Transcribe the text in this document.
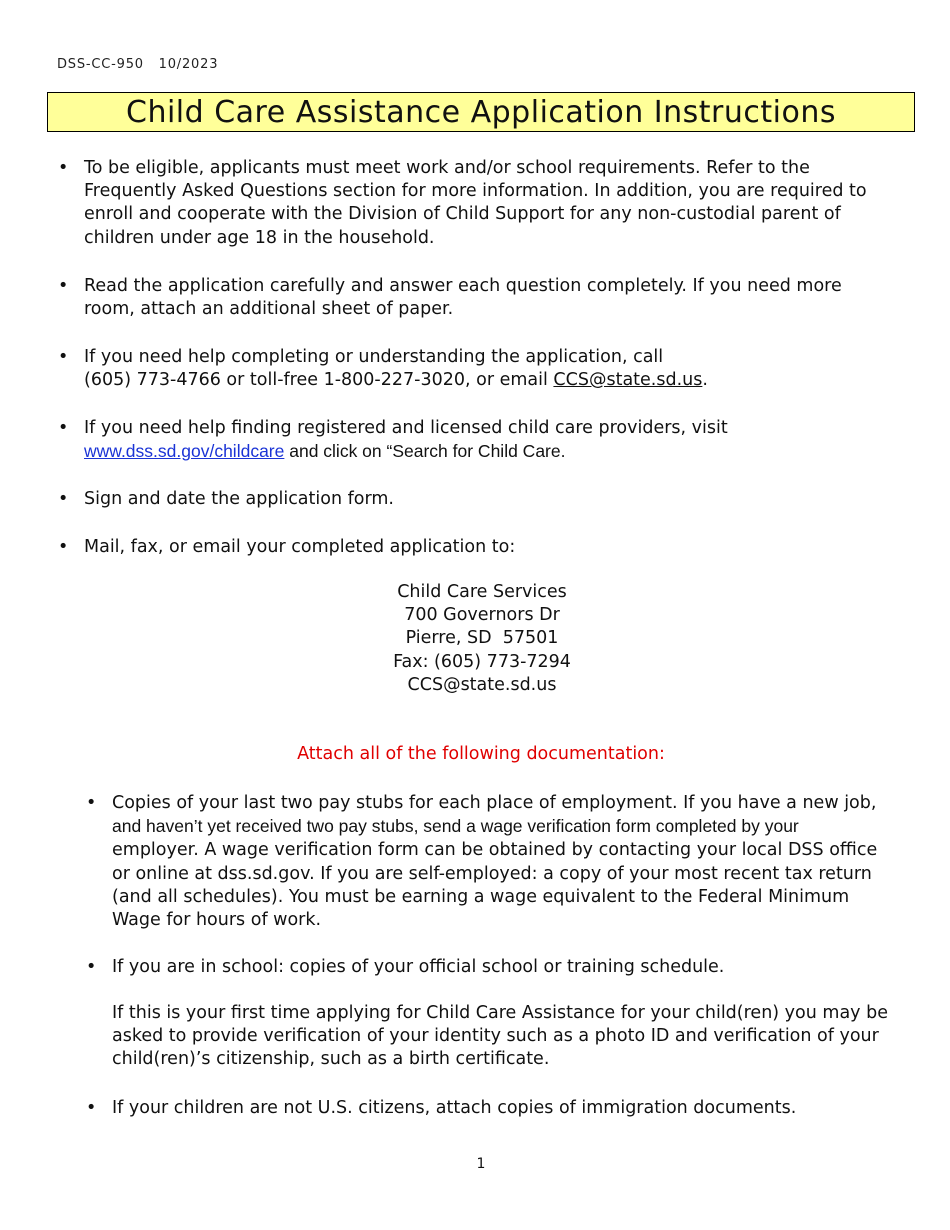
DSS-CC-950   10/2023
Child Care Assistance Application Instructions
• To be eligible, applicants must meet work and/or school requirements. Refer to the
Frequently Asked Questions section for more information. In addition, you are required to
enroll and cooperate with the Division of Child Support for any non-custodial parent of
children under age 18 in the household.
• Read the application carefully and answer each question completely. If you need more
room, attach an additional sheet of paper.
• If you need help completing or understanding the application, call
(605) 773-4766 or toll-free 1-800-227-3020, or email CCS@state.sd.us.
• If you need help finding registered and licensed child care providers, visit
www.dss.sd.gov/childcare and click on “Search for Child Care.
• Sign and date the application form.
• Mail, fax, or email your completed application to:
Child Care Services
700 Governors Dr
Pierre, SD  57501
Fax: (605) 773-7294
CCS@state.sd.us
Attach all of the following documentation:
• Copies of your last two pay stubs for each place of employment. If you have a new job,
and haven’t yet received two pay stubs, send a wage verification form completed by your
employer. A wage verification form can be obtained by contacting your local DSS office
or online at dss.sd.gov. If you are self-employed: a copy of your most recent tax return
(and all schedules). You must be earning a wage equivalent to the Federal Minimum
Wage for hours of work.
• If you are in school: copies of your official school or training schedule.
If this is your first time applying for Child Care Assistance for your child(ren) you may be
asked to provide verification of your identity such as a photo ID and verification of your
child(ren)’s citizenship, such as a birth certificate.
• If your children are not U.S. citizens, attach copies of immigration documents.
1
